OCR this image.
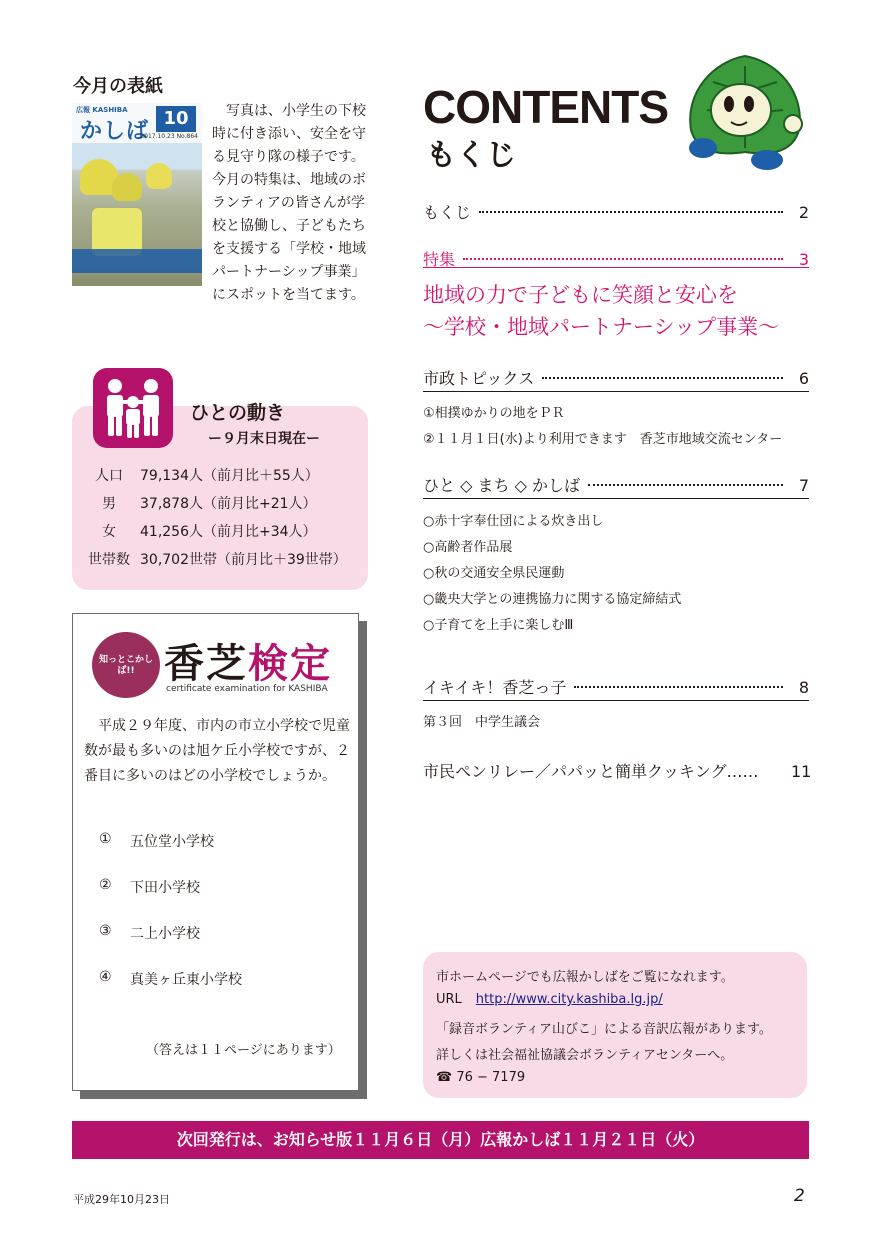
今月の表紙
広報 KASHIBA
かしば
10
2017.10.23 No.864
写真は、小学生の下校時に付き添い、安全を守る見守り隊の様子です。今月の特集は、地域のボランティアの皆さんが学校と協働し、子どもたちを支援する「学校・地域パートナーシップ事業」にスポットを当てます。
ひとの動き
ー９月末日現在ー
人口	79,134人（前月比＋55人）
男	37,878人（前月比+21人）
女	41,256人（前月比+34人）
世帯数 30,702世帯（前月比＋39世帯）
知っとこかしば!! 香芝検定
certificate examination for KASHIBA
平成２９年度、市内の市立小学校で児童数が最も多いのは旭ケ丘小学校ですが、２番目に多いのはどの小学校でしょうか。
①	五位堂小学校
②	下田小学校
③	二上小学校
④	真美ヶ丘東小学校
（答えは１１ページにあります）
CONTENTS
もくじ
もくじ	2
特集	3
地域の力で子どもに笑顔と安心を
〜学校・地域パートナーシップ事業〜
市政トピックス	6
①相撲ゆかりの地をＰＲ
②１１月１日(水)より利用できます　香芝市地域交流センター
ひと ◇ まち ◇ かしば	7
○赤十字奉仕団による炊き出し
○高齢者作品展
○秋の交通安全県民運動
○畿央大学との連携協力に関する協定締結式
○子育てを上手に楽しむⅢ
イキイキ！香芝っ子	8
第３回　中学生議会
市民ペンリレー／パパッと簡単クッキング…… 11
市ホームページでも広報かしばをご覧になれます。
URL http://www.city.kashiba.lg.jp/
「録音ボランティア山びこ」による音訳広報があります。
詳しくは社会福祉協議会ボランティアセンターへ。
☎ 76 − 7179
次回発行は、お知らせ版１１月６日（月）広報かしば１１月２１日（火）
平成29年10月23日	2
